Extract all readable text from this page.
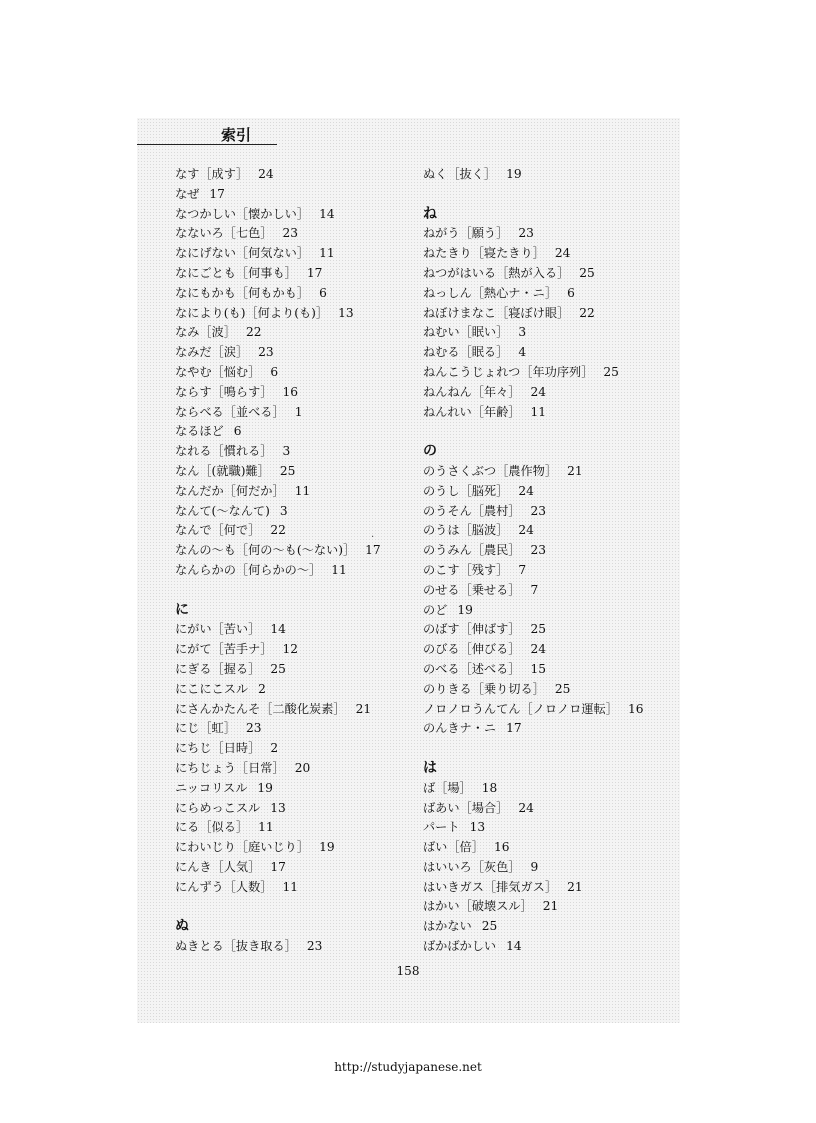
索引
なす［成す］ 24
なぜ 17
なつかしい［懐かしい］ 14
なないろ［七色］ 23
なにげない［何気ない］ 11
なにごとも［何事も］ 17
なにもかも［何もかも］ 6
なにより(も)［何より(も)］ 13
なみ［波］ 22
なみだ［涙］ 23
なやむ［悩む］ 6
ならす［鳴らす］ 16
ならべる［並べる］ 1
なるほど 6
なれる［慣れる］ 3
なん［(就職)難］ 25
なんだか［何だか］ 11
なんて(〜なんて) 3
なんで［何で］ 22
なんの〜も［何の〜も(〜ない)］ 17
なんらかの［何らかの〜］ 11
に
にがい［苦い］ 14
にがて［苦手ナ］ 12
にぎる［握る］ 25
にこにこスル 2
にさんかたんそ［二酸化炭素］ 21
にじ［虹］ 23
にちじ［日時］ 2
にちじょう［日常］ 20
ニッコリスル 19
にらめっこスル 13
にる［似る］ 11
にわいじり［庭いじり］ 19
にんき［人気］ 17
にんずう［人数］ 11
ぬ
ぬきとる［抜き取る］ 23
ぬく［抜く］ 19
ね
ねがう［願う］ 23
ねたきり［寝たきり］ 24
ねつがはいる［熱が入る］ 25
ねっしん［熱心ナ・ニ］ 6
ねぼけまなこ［寝ぼけ眼］ 22
ねむい［眠い］ 3
ねむる［眠る］ 4
ねんこうじょれつ［年功序列］ 25
ねんねん［年々］ 24
ねんれい［年齢］ 11
の
のうさくぶつ［農作物］ 21
のうし［脳死］ 24
のうそん［農村］ 23
のうは［脳波］ 24
のうみん［農民］ 23
のこす［残す］ 7
のせる［乗せる］ 7
のど 19
のばす［伸ばす］ 25
のびる［伸びる］ 24
のべる［述べる］ 15
のりきる［乗り切る］ 25
ノロノロうんてん［ノロノロ運転］ 16
のんきナ・ニ 17
は
ば［場］ 18
ばあい［場合］ 24
パート 13
ばい［倍］ 16
はいいろ［灰色］ 9
はいきガス［排気ガス］ 21
はかい［破壊スル］ 21
はかない 25
ばかばかしい 14
.
158
http://studyjapanese.net
